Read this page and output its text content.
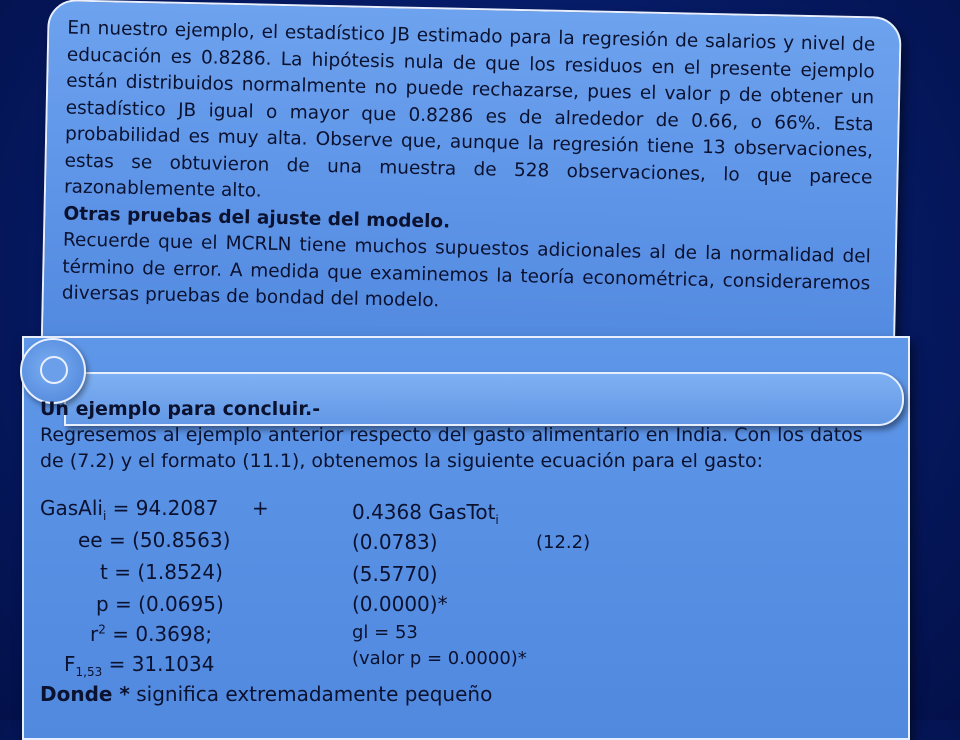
En nuestro ejemplo, el estadístico JB estimado para la regresión de salarios y nivel de educación es 0.8286. La hipótesis nula de que los residuos en el presente ejemplo están distribuidos normalmente no puede rechazarse, pues el valor p de obtener un estadístico JB igual o mayor que 0.8286 es de alrededor de 0.66, o 66%. Esta probabilidad es muy alta. Observe que, aunque la regresión tiene 13 observaciones, estas se obtuvieron de una muestra de 528 observaciones, lo que parece razonablemente alto.
Otras pruebas del ajuste del modelo.
Recuerde que el MCRLN tiene muchos supuestos adicionales al de la normalidad del término de error. A medida que examinemos la teoría econométrica, consideraremos diversas pruebas de bondad del modelo.
Un ejemplo para concluir.-
Regresemos al ejemplo anterior respecto del gasto alimentario en India. Con los datos de (7.2) y el formato (11.1), obtenemos la siguiente ecuación para el gasto:
GasAli$_i$ = 94.2087 +	0.4368 GasTot$_i$
ee = (50.8563)	(0.0783)	(12.2)
t = (1.8524)	(5.5770)
p = (0.0695)	(0.0000)*
$r^2 = 0.3698$;	gl = 53
$F_{1,53} = 31.1034$	(valor p = 0.0000)*
Donde * significa extremadamente pequeño
